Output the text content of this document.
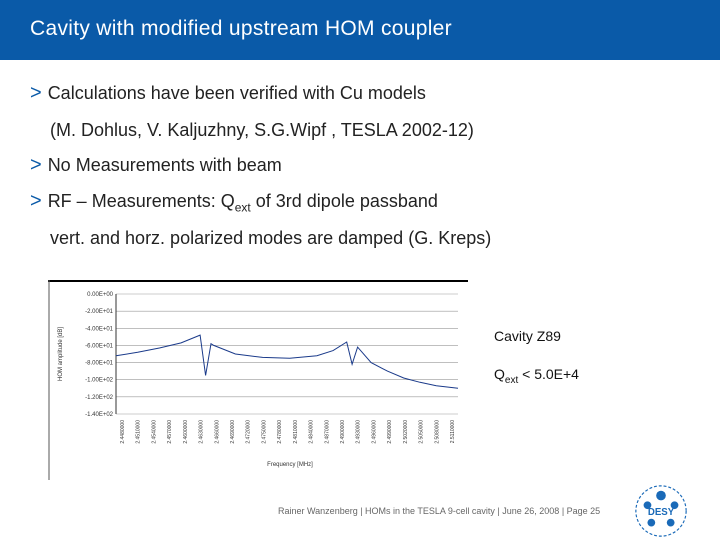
Cavity with modified upstream HOM coupler
> Calculations have been verified with Cu models
(M. Dohlus, V. Kaljuzhny, S.G.Wipf , TESLA 2002-12)
> No Measurements with beam
> RF – Measurements: $Q_{ext}$ of 3rd dipole passband
vert. and horz. polarized modes are damped (G. Kreps)
0.00E+00
-2.00E+01
-4.00E+01
-6.00E+01
-8.00E+01
-1.00E+02
-1.20E+02
-1.40E+02
2.4480000 2.4510000 2.4540000 2.4570000 2.4600000 2.4630000 2.4660000 2.4690000 2.4720000 2.4750000 2.4780000 2.4810000 2.4840000 2.4870000 2.4900000 2.4930000 2.4960000 2.4990000 2.5020000 2.5050000 2.5080000 2.5110000
HOM amplitude [dB]
Frequency [MHz]
Cavity Z89
$Q_{ext} < 5.0E+4$
Rainer Wanzenberg | HOMs in the TESLA 9-cell cavity | June 26, 2008 | Page 25	DESY
